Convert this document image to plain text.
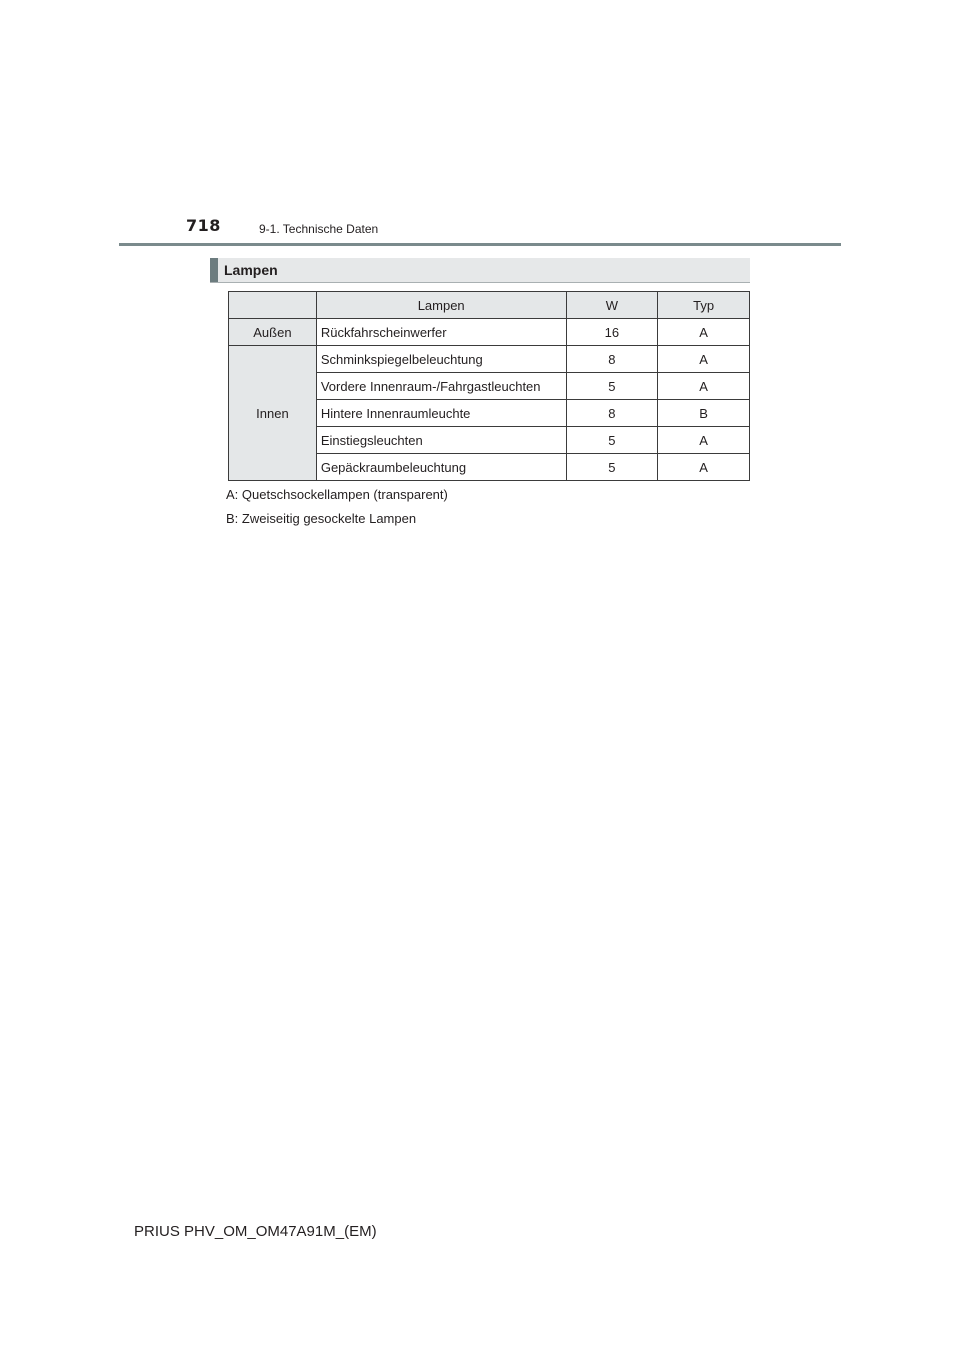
718	9-1. Technische Daten
Lampen
	Lampen	W	Typ
Außen	Rückfahrscheinwerfer	16	A
Innen	Schminkspiegelbeleuchtung	8	A
	Vordere Innenraum-/Fahrgastleuchten	5	A
	Hintere Innenraumleuchte	8	B
	Einstiegsleuchten	5	A
	Gepäckraumbeleuchtung	5	A
A: Quetschsockellampen (transparent)
B: Zweiseitig gesockelte Lampen
PRIUS PHV_OM_OM47A91M_(EM)
